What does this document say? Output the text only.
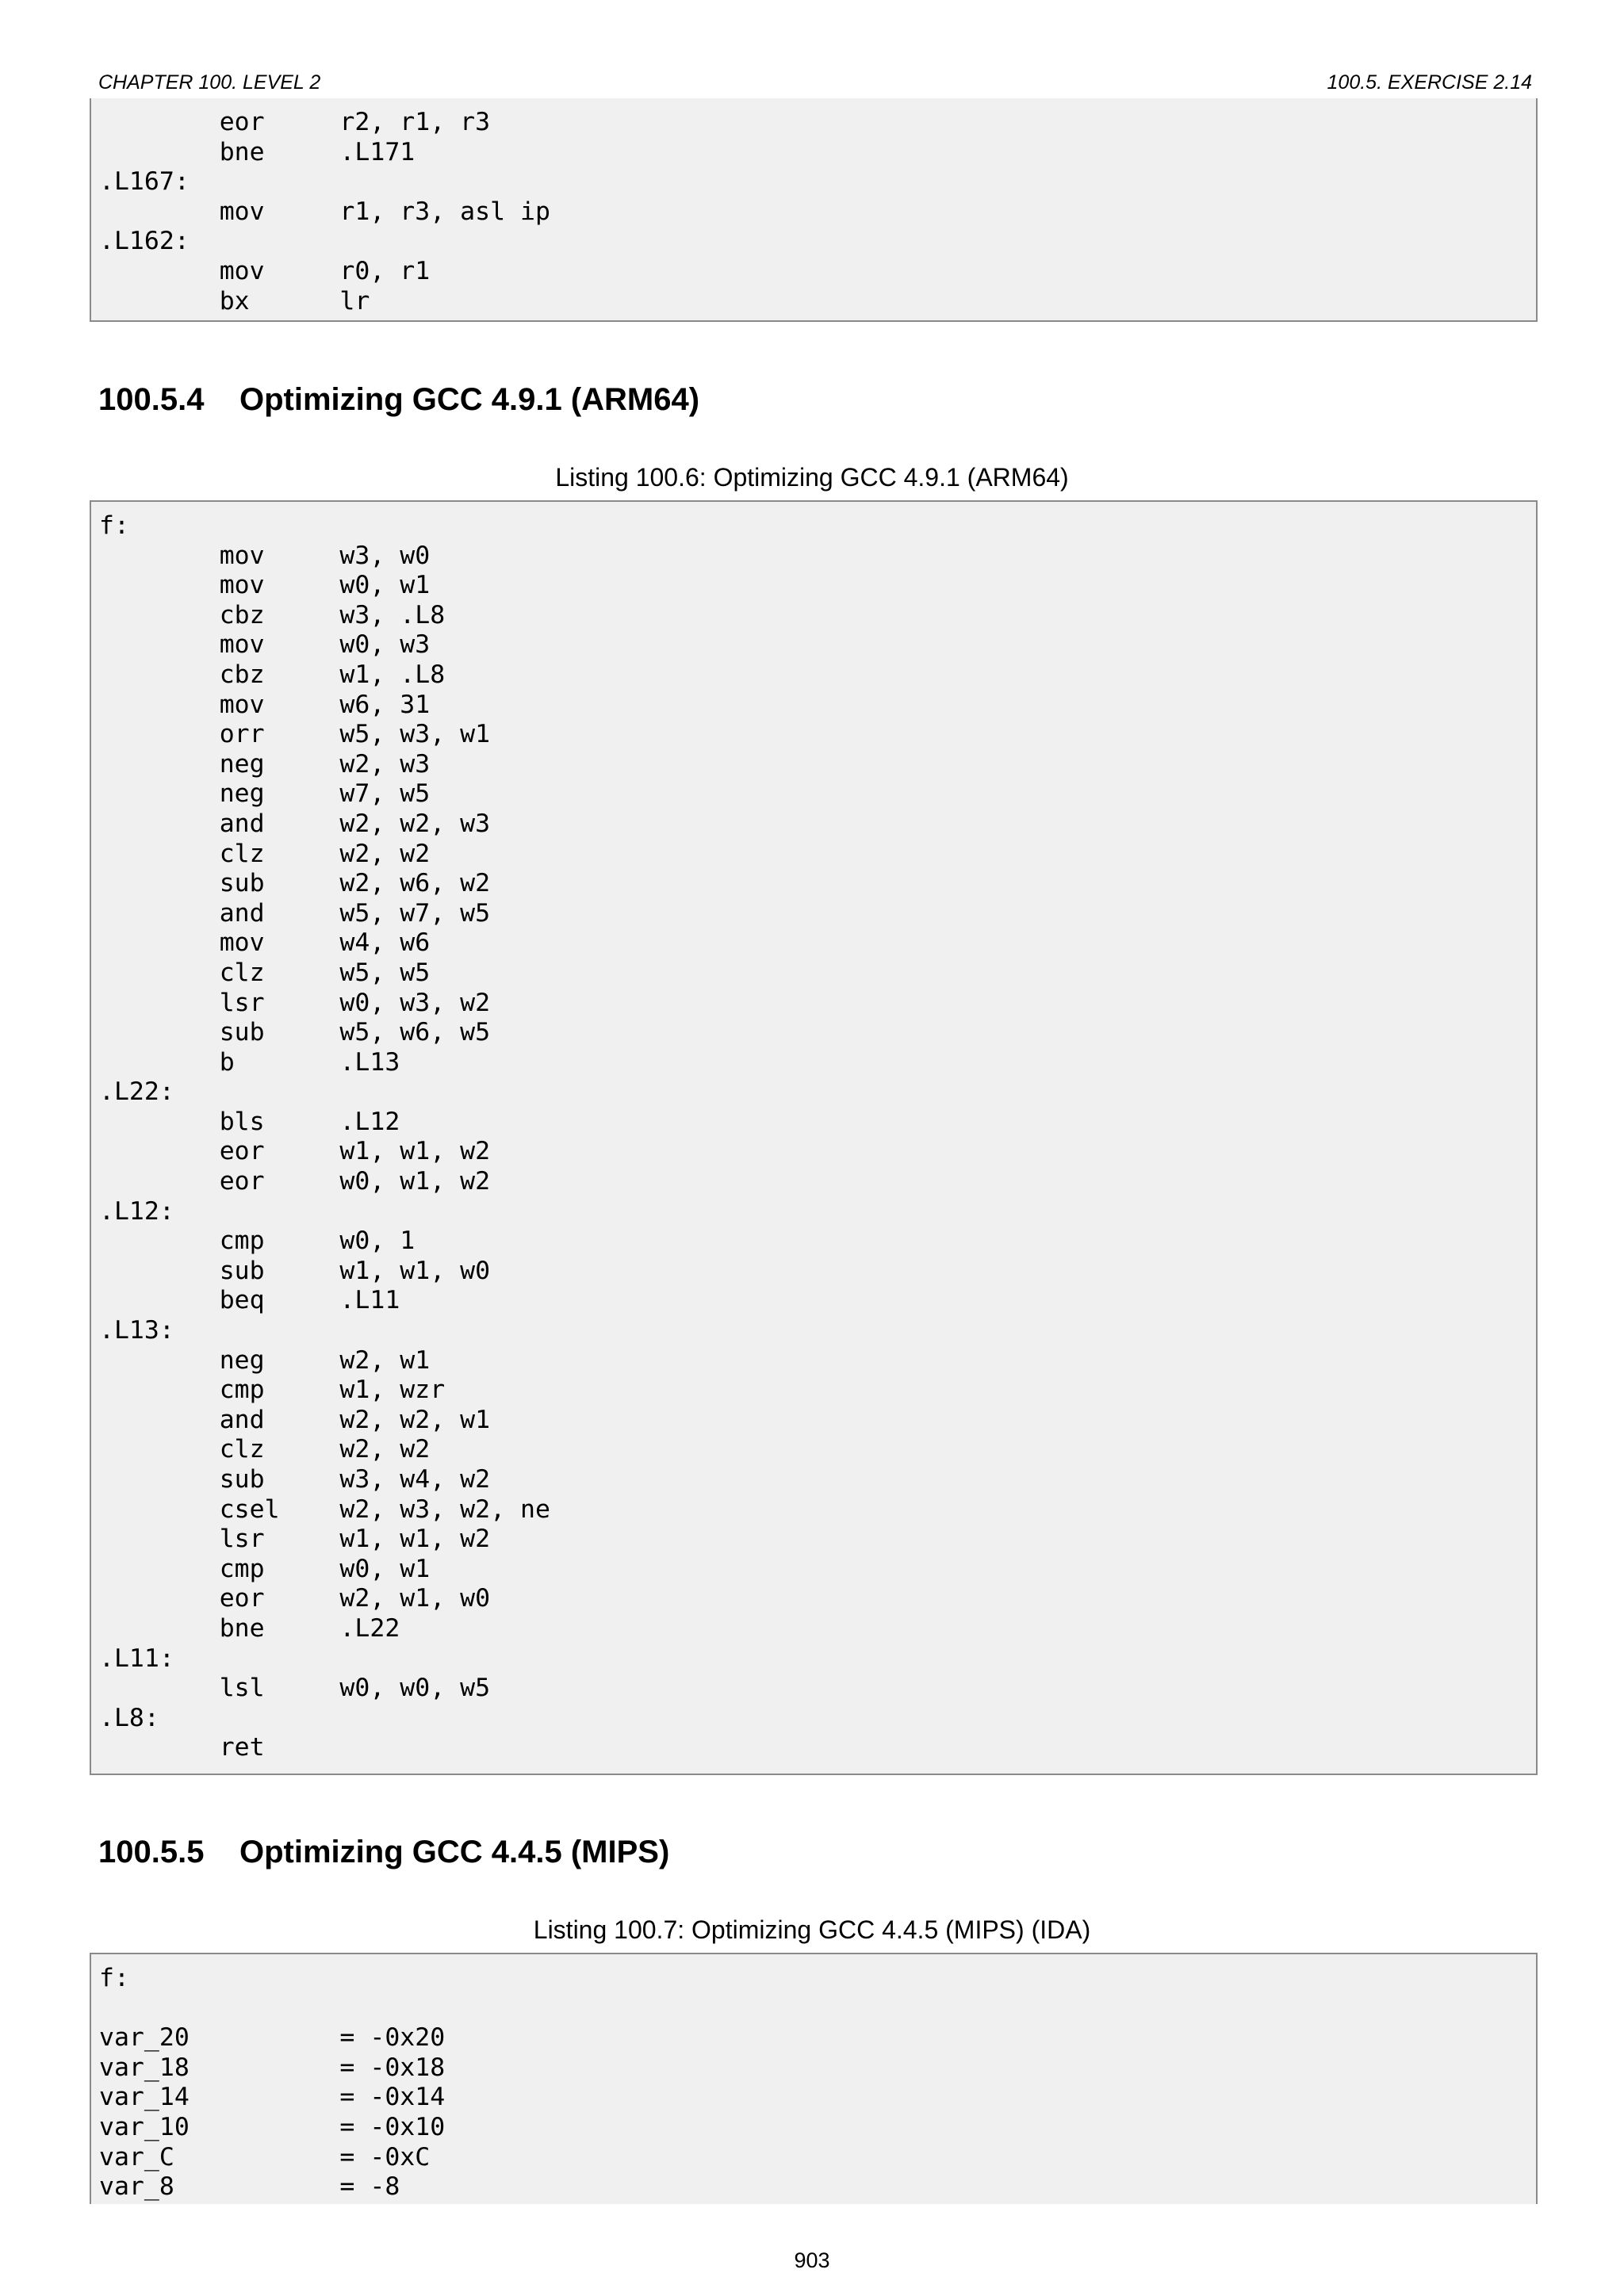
CHAPTER 100. LEVEL 2	100.5. EXERCISE 2.14
eor     r2, r1, r3
bne     .L171
.L167:
mov     r1, r3, asl ip
.L162:
mov     r0, r1
bx      lr
100.5.4 Optimizing GCC 4.9.1 (ARM64)
Listing 100.6: Optimizing GCC 4.9.1 (ARM64)
f:
mov     w3, w0
mov     w0, w1
cbz     w3, .L8
mov     w0, w3
cbz     w1, .L8
mov     w6, 31
orr     w5, w3, w1
neg     w2, w3
neg     w7, w5
and     w2, w2, w3
clz     w2, w2
sub     w2, w6, w2
and     w5, w7, w5
mov     w4, w6
clz     w5, w5
lsr     w0, w3, w2
sub     w5, w6, w5
b       .L13
.L22:
bls     .L12
eor     w1, w1, w2
eor     w0, w1, w2
.L12:
cmp     w0, 1
sub     w1, w1, w0
beq     .L11
.L13:
neg     w2, w1
cmp     w1, wzr
and     w2, w2, w1
clz     w2, w2
sub     w3, w4, w2
csel    w2, w3, w2, ne
lsr     w1, w1, w2
cmp     w0, w1
eor     w2, w1, w0
bne     .L22
.L11:
lsl     w0, w0, w5
.L8:
ret
100.5.5 Optimizing GCC 4.4.5 (MIPS)
Listing 100.7: Optimizing GCC 4.4.5 (MIPS) (IDA)
f:
var_20          = -0x20
var_18          = -0x18
var_14          = -0x14
var_10          = -0x10
var_C           = -0xC
var_8           = -8
903
